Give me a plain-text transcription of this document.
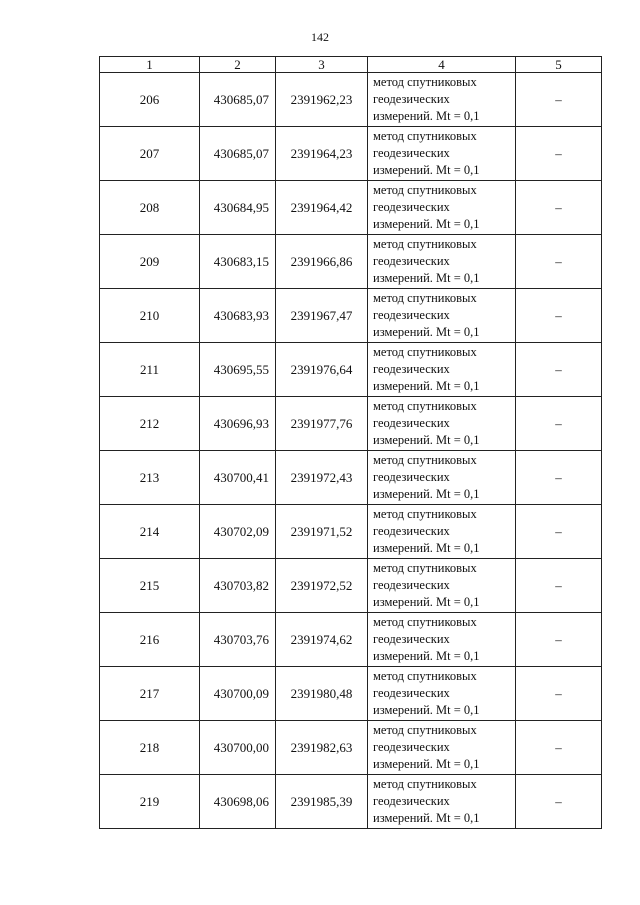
142
1	2	3	4	5
206	430685,07	2391962,23	метод спутниковых
геодезических
измерений. Mt = 0,1	–
207	430685,07	2391964,23	метод спутниковых
геодезических
измерений. Mt = 0,1	–
208	430684,95	2391964,42	метод спутниковых
геодезических
измерений. Mt = 0,1	–
209	430683,15	2391966,86	метод спутниковых
геодезических
измерений. Mt = 0,1	–
210	430683,93	2391967,47	метод спутниковых
геодезических
измерений. Mt = 0,1	–
211	430695,55	2391976,64	метод спутниковых
геодезических
измерений. Mt = 0,1	–
212	430696,93	2391977,76	метод спутниковых
геодезических
измерений. Mt = 0,1	–
213	430700,41	2391972,43	метод спутниковых
геодезических
измерений. Mt = 0,1	–
214	430702,09	2391971,52	метод спутниковых
геодезических
измерений. Mt = 0,1	–
215	430703,82	2391972,52	метод спутниковых
геодезических
измерений. Mt = 0,1	–
216	430703,76	2391974,62	метод спутниковых
геодезических
измерений. Mt = 0,1	–
217	430700,09	2391980,48	метод спутниковых
геодезических
измерений. Mt = 0,1	–
218	430700,00	2391982,63	метод спутниковых
геодезических
измерений. Mt = 0,1	–
219	430698,06	2391985,39	метод спутниковых
геодезических
измерений. Mt = 0,1	–
